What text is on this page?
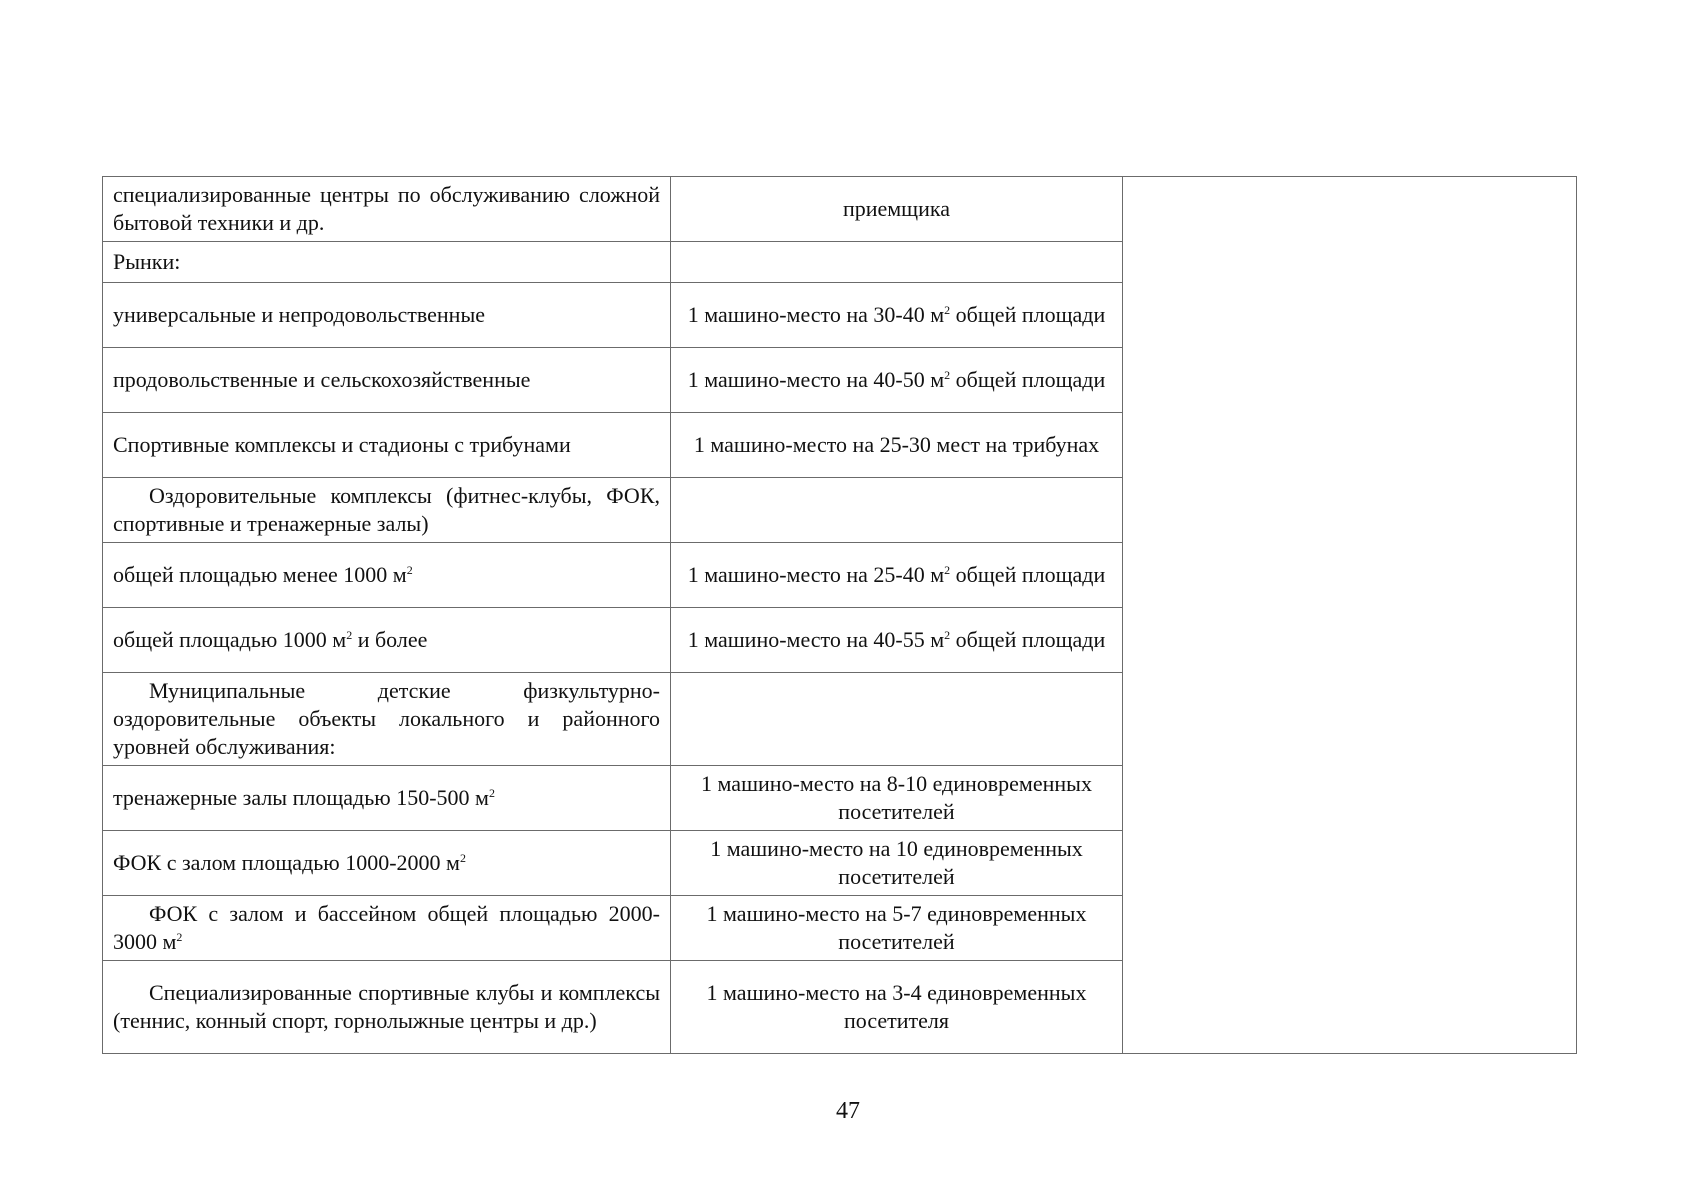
специализированные центры по обслуживанию сложной бытовой техники и др.	приемщика	
Рынки:		
универсальные и непродовольственные	1 машино-место на 30-40 $м^2$ общей площади	
продовольственные и сельскохозяйственные	1 машино-место на 40-50 $м^2$ общей площади	
Спортивные комплексы и стадионы с трибунами	1 машино-место на 25-30 мест на трибунах	
Оздоровительные комплексы (фитнес-клубы, ФОК, спортивные и тренажерные залы)		
общей площадью менее 1000 $м^2$	1 машино-место на 25-40 $м^2$ общей площади	
общей площадью 1000 $м^2$ и более	1 машино-место на 40-55 $м^2$ общей площади	
Муниципальные детские физкультурно-оздоровительные объекты локального и районного уровней обслуживания:		
тренажерные залы площадью 150-500 $м^2$	1 машино-место на 8-10 единовременных посетителей	
ФОК с залом площадью 1000-2000 $м^2$	1 машино-место на 10 единовременных посетителей	
ФОК с залом и бассейном общей площадью 2000-3000 $м^2$	1 машино-место на 5-7 единовременных посетителей	
Специализированные спортивные клубы и комплексы (теннис, конный спорт, горнолыжные центры и др.)	1 машино-место на 3-4 единовременных посетителя	
47
